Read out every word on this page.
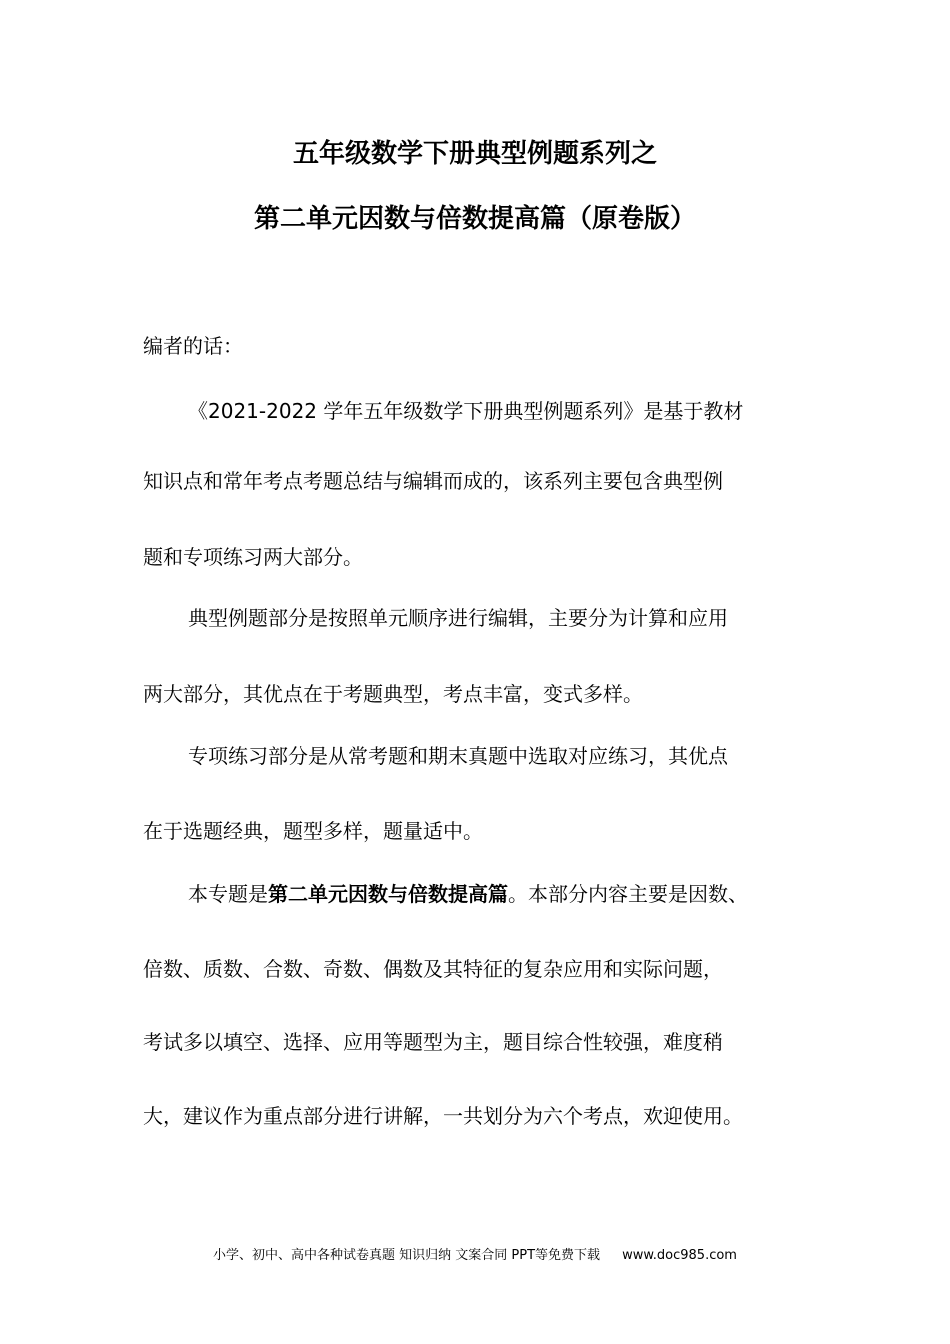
五年级数学下册典型例题系列之
第二单元因数与倍数提高篇（原卷版）
编者的话：
《2021-2022 学年五年级数学下册典型例题系列》是基于教材
知识点和常年考点考题总结与编辑而成的，该系列主要包含典型例
题和专项练习两大部分。
典型例题部分是按照单元顺序进行编辑，主要分为计算和应用
两大部分，其优点在于考题典型，考点丰富，变式多样。
专项练习部分是从常考题和期末真题中选取对应练习，其优点
在于选题经典，题型多样，题量适中。
本专题是第二单元因数与倍数提高篇。本部分内容主要是因数、
倍数、质数、合数、奇数、偶数及其特征的复杂应用和实际问题，
考试多以填空、选择、应用等题型为主，题目综合性较强，难度稍
大，建议作为重点部分进行讲解，一共划分为六个考点，欢迎使用。
小学、初中、高中各种试卷真题 知识归纳 文案合同 PPT等免费下载 www.doc985.com
